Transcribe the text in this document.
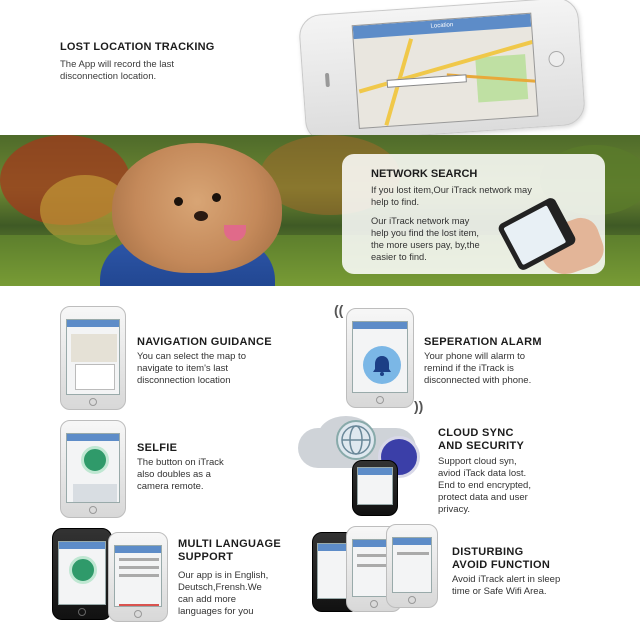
LOST LOCATION TRACKING
The App will record the last
disconnection location.
Location
NETWORK SEARCH
If you lost item,Our iTrack network may
help to find.
Our iTrack network may
help you find the lost item,
the more users pay, by,the
easier to find.
NAVIGATION GUIDANCE
You can select the map to
navigate to item's last
disconnection location
((
))
SEPERATION ALARM
Your phone will alarm to
remind if the iTrack is
disconnected with phone.
SELFIE
The button on iTrack
also doubles as a
camera remote.
CLOUD SYNC
AND SECURITY
Support cloud syn,
aviod iTack data lost.
End to end encrypted,
protect data and user
privacy.
MULTI LANGUAGE
SUPPORT
Our app is in English,
Deutsch,Frensh.We
can add more
languages for you
DISTURBING
AVOID FUNCTION
Avoid iTrack alert in sleep
time or Safe Wifi Area.
